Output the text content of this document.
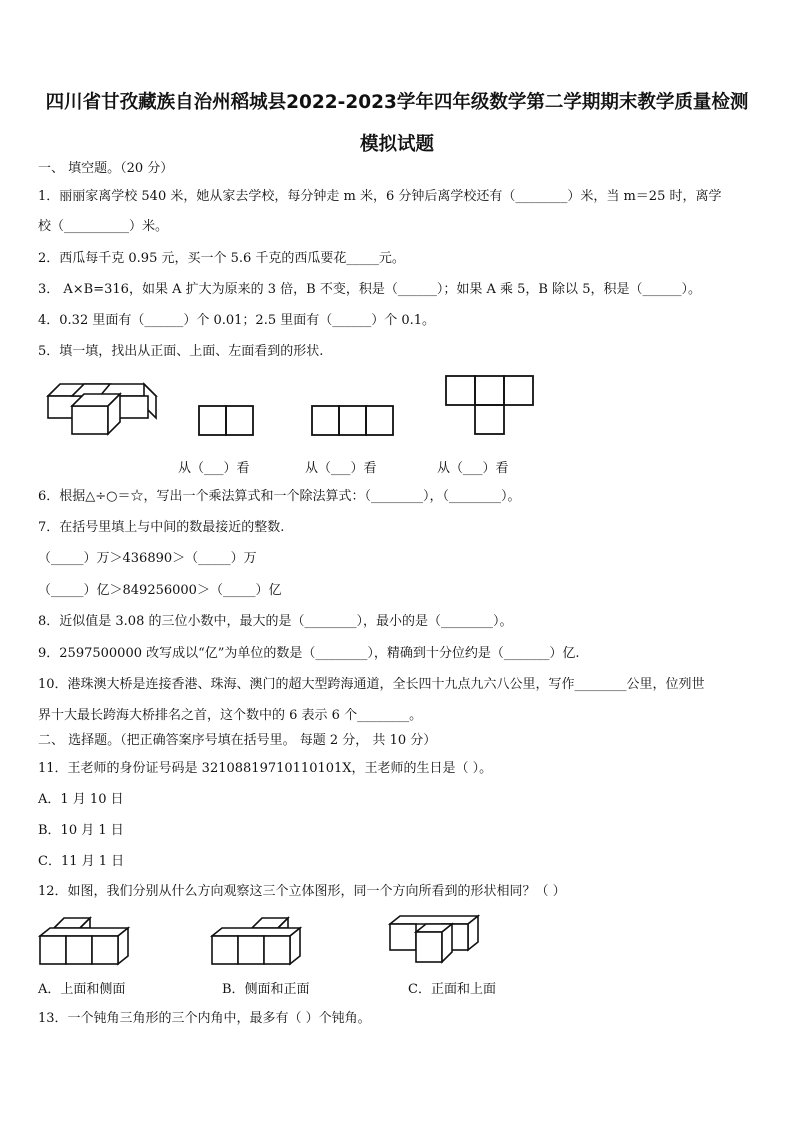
四川省甘孜藏族自治州稻城县2022-2023学年四年级数学第二学期期末教学质量检测
模拟试题
一、 填空题。（20 分）
1．丽丽家离学校 540 米，她从家去学校，每分钟走 m 米，6 分钟后离学校还有（________）米，当 m＝25 时，离学
校（__________）米。
2．西瓜每千克 0.95 元，买一个 5.6 千克的西瓜要花_____元。
3． A×B=316，如果 A 扩大为原来的 3 倍，B 不变，积是（______）；如果 A 乘 5，B 除以 5，积是（______）。
4．0.32 里面有（______）个 0.01；2.5 里面有（______）个 0.1。
5．填一填，找出从正面、上面、左面看到的形状.
从（___）看	从（___）看	从（___）看
6．根据△÷○＝☆，写出一个乘法算式和一个除法算式：（________），（________）。
7．在括号里填上与中间的数最接近的整数.
（_____）万＞436890＞（_____）万
（_____）亿＞849256000＞（_____）亿
8．近似值是 3.08 的三位小数中，最大的是（________），最小的是（________）。
9．2597500000 改写成以“亿”为单位的数是（________），精确到十分位约是（_______）亿.
10．港珠澳大桥是连接香港、珠海、澳门的超大型跨海通道，全长四十九点九六八公里，写作________公里，位列世
界十大最长跨海大桥排名之首，这个数中的 6 表示 6 个________。
二、 选择题。（把正确答案序号填在括号里。 每题 2 分， 共 10 分）
11．王老师的身份证号码是 32108819710110101X，王老师的生日是（ ）。
A．1 月 10 日
B．10 月 1 日
C．11 月 1 日
12．如图，我们分别从什么方向观察这三个立体图形，同一个方向所看到的形状相同？（ ）
A．上面和侧面	B．侧面和正面	C．正面和上面
13．一个钝角三角形的三个内角中，最多有（ ）个钝角。
